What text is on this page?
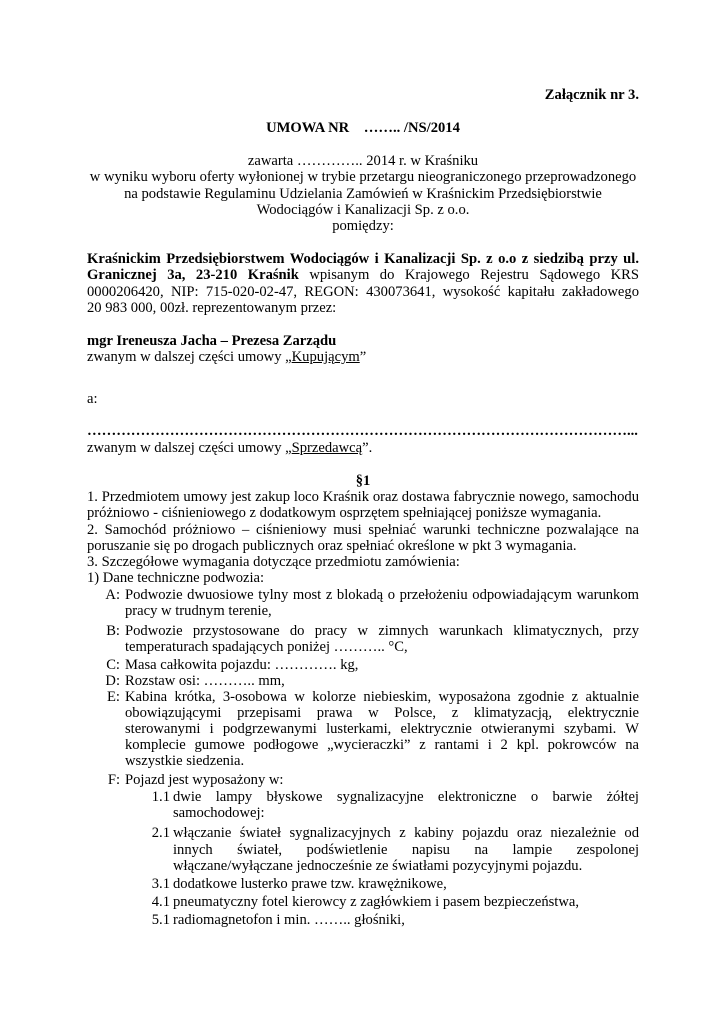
Załącznik nr 3.
UMOWA NR    …….. /NS/2014
zawarta ………….. 2014 r. w Kraśniku
w wyniku wyboru oferty wyłonionej w trybie przetargu nieograniczonego przeprowadzonego
na podstawie Regulaminu Udzielania Zamówień w Kraśnickim Przedsiębiorstwie
Wodociągów i Kanalizacji Sp. z o.o.
pomiędzy:
Kraśnickim Przedsiębiorstwem Wodociągów i Kanalizacji Sp. z o.o z siedzibą przy ul.
Granicznej 3a, 23-210 Kraśnik wpisanym do Krajowego Rejestru Sądowego KRS
0000206420, NIP: 715-020-02-47, REGON: 430073641, wysokość kapitału zakładowego
20 983 000, 00zł. reprezentowanym przez:
mgr Ireneusza Jacha – Prezesa Zarządu
zwanym w dalszej części umowy „Kupującym”
a:
…………………………………………………………………………………………………...
zwanym w dalszej części umowy „Sprzedawcą”.
§1
1. Przedmiotem umowy jest zakup loco Kraśnik oraz dostawa fabrycznie nowego, samochodu
próżniowo - ciśnieniowego z dodatkowym osprzętem spełniającej poniższe wymagania.
2. Samochód próżniowo – ciśnieniowy musi spełniać warunki techniczne pozwalające na
poruszanie się po drogach publicznych oraz spełniać określone w pkt 3 wymagania.
3. Szczegółowe wymagania dotyczące przedmiotu zamówienia:
1) Dane techniczne podwozia:
A: Podwozie dwuosiowe tylny most z blokadą o przełożeniu odpowiadającym warunkom
pracy w trudnym terenie,
B: Podwozie przystosowane do pracy w zimnych warunkach klimatycznych, przy
temperaturach spadających poniżej ……….. °C,
C: Masa całkowita pojazdu: …………. kg,
D: Rozstaw osi: ……….. mm,
E: Kabina krótka, 3-osobowa w kolorze niebieskim, wyposażona zgodnie z aktualnie
obowiązującymi przepisami prawa w Polsce, z klimatyzacją, elektrycznie
sterowanymi i podgrzewanymi lusterkami, elektrycznie otwieranymi szybami. W
komplecie gumowe podłogowe „wycieraczki” z rantami i 2 kpl. pokrowców na
wszystkie siedzenia.
F: Pojazd jest wyposażony w:
1.1 dwie lampy błyskowe sygnalizacyjne elektroniczne o barwie żółtej
samochodowej:
2.1 włączanie świateł sygnalizacyjnych z kabiny pojazdu oraz niezależnie od
innych świateł, podświetlenie napisu na lampie zespolonej
włączane/wyłączane jednocześnie ze światłami pozycyjnymi pojazdu.
3.1 dodatkowe lusterko prawe tzw. krawężnikowe,
4.1 pneumatyczny fotel kierowcy z zagłówkiem i pasem bezpieczeństwa,
5.1 radiomagnetofon i min. …….. głośniki,
